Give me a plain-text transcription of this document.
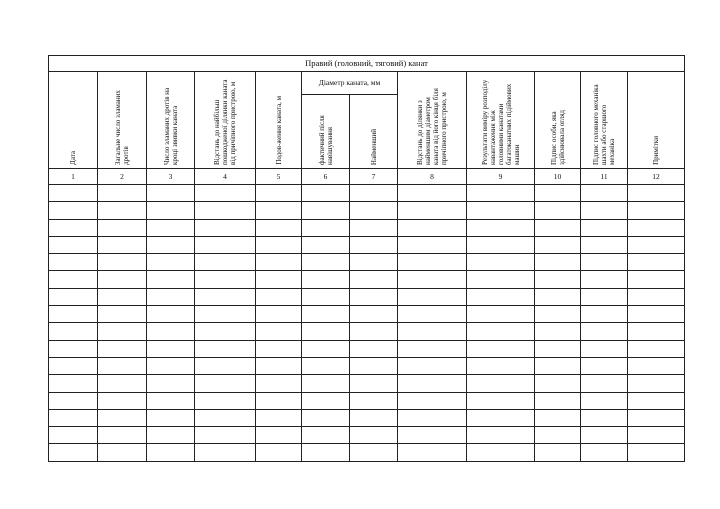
Правий (головний, тяговий) канат											

Дата	Загальне число зламаних дротів	Число зламаних дротів на кроці звивки каната	Відстань до найбільш пошкодженої ділянки каната від причіпного пристрою, м	Подов-ження каната, м	Діаметр каната, мм		Відстань до ділянки з найменшим діаметром каната від його кінця біля причіпного пристрою, м	Результати виміру розподілу навантаження між головними канатами багатоканатних підіймових машин	Підпис особи, яка здійснювала огляд	Підпис головного механіка шахти або старшого механіка	Примітки

					фактичний після навішування	Найменший					

1	2	3	4	5	6	7	8	9	10	11	12
